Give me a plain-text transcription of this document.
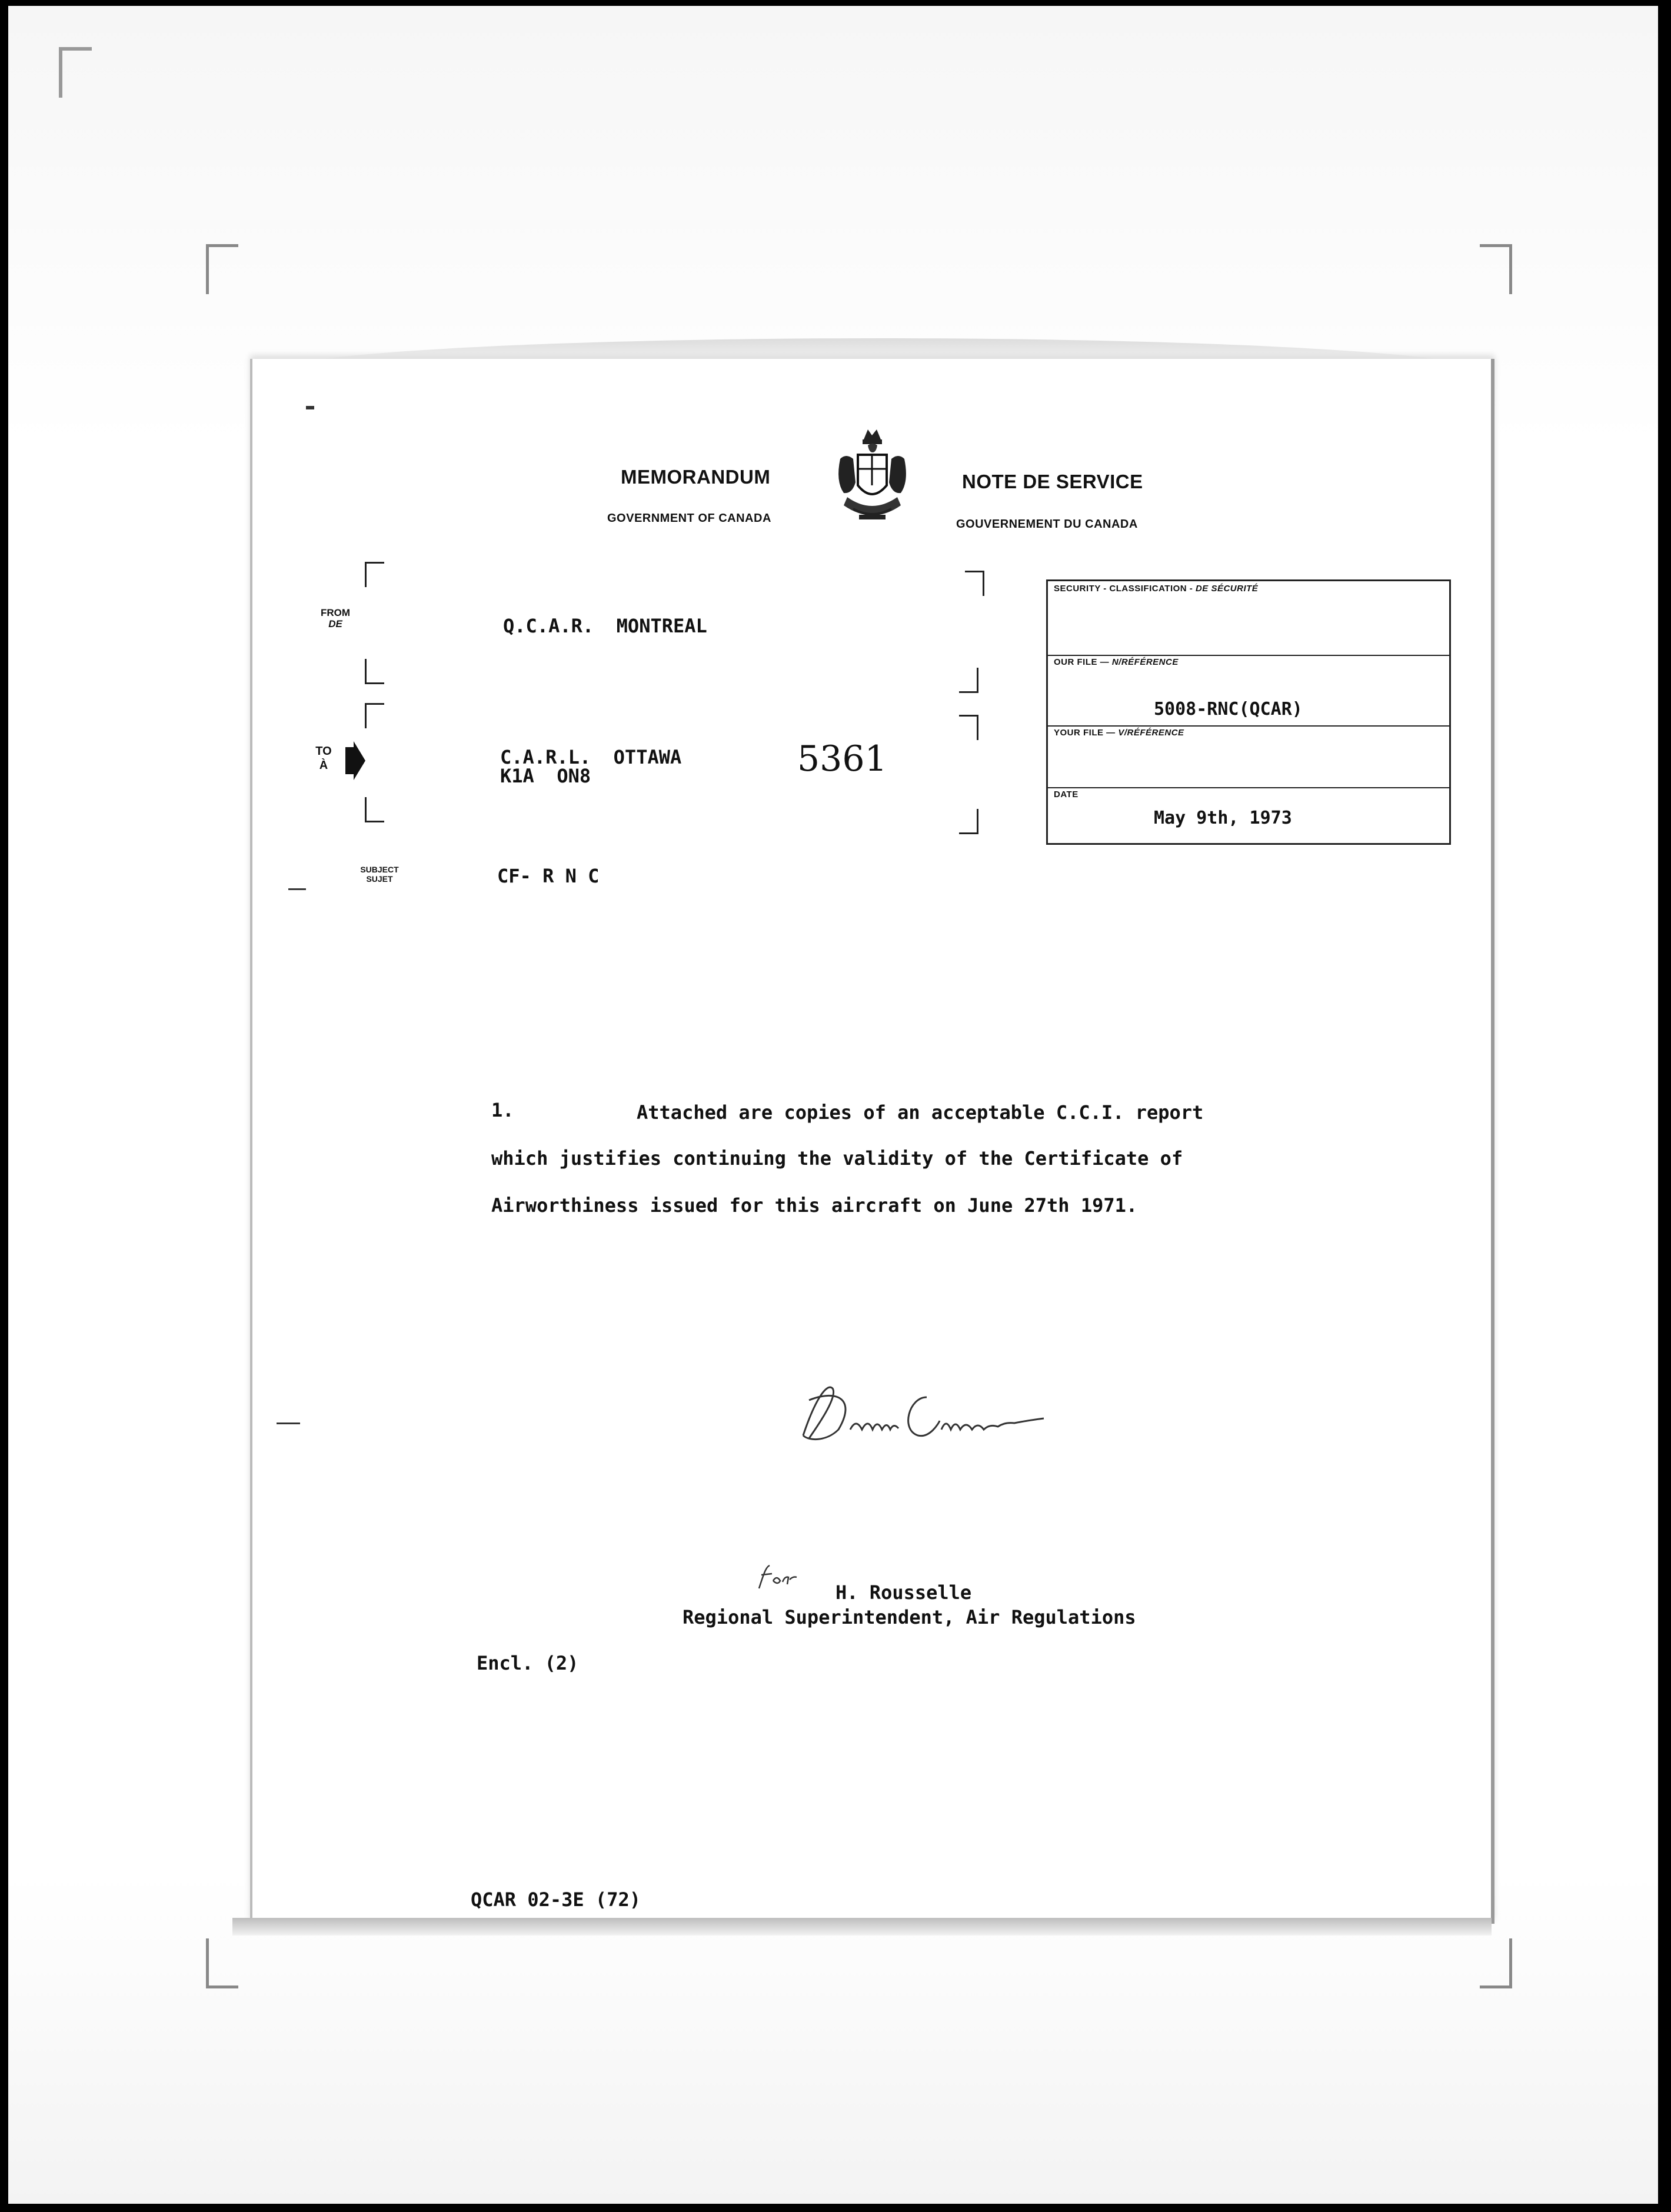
MEMORANDUM
GOVERNMENT OF CANADA
NOTE DE SERVICE
GOUVERNEMENT DU CANADA
FROM
DE
TO
À
SUBJECT
SUJET
Q.C.A.R.  MONTREAL
C.A.R.L.  OTTAWA
K1A  ON8	5361
CF- R N C
SECURITY - CLASSIFICATION - DE SÉCURITÉ
OUR FILE — N/RÉFÉRENCE
5008-RNC(QCAR)
YOUR FILE — V/RÉFÉRENCE
DATE
May 9th, 1973
1.	Attached are copies of an acceptable C.C.I. report
which justifies continuing the validity of the Certificate of
Airworthiness issued for this aircraft on June 27th 1971.
H. Rousselle
Regional Superintendent, Air Regulations
Encl. (2)
QCAR 02-3E (72)
